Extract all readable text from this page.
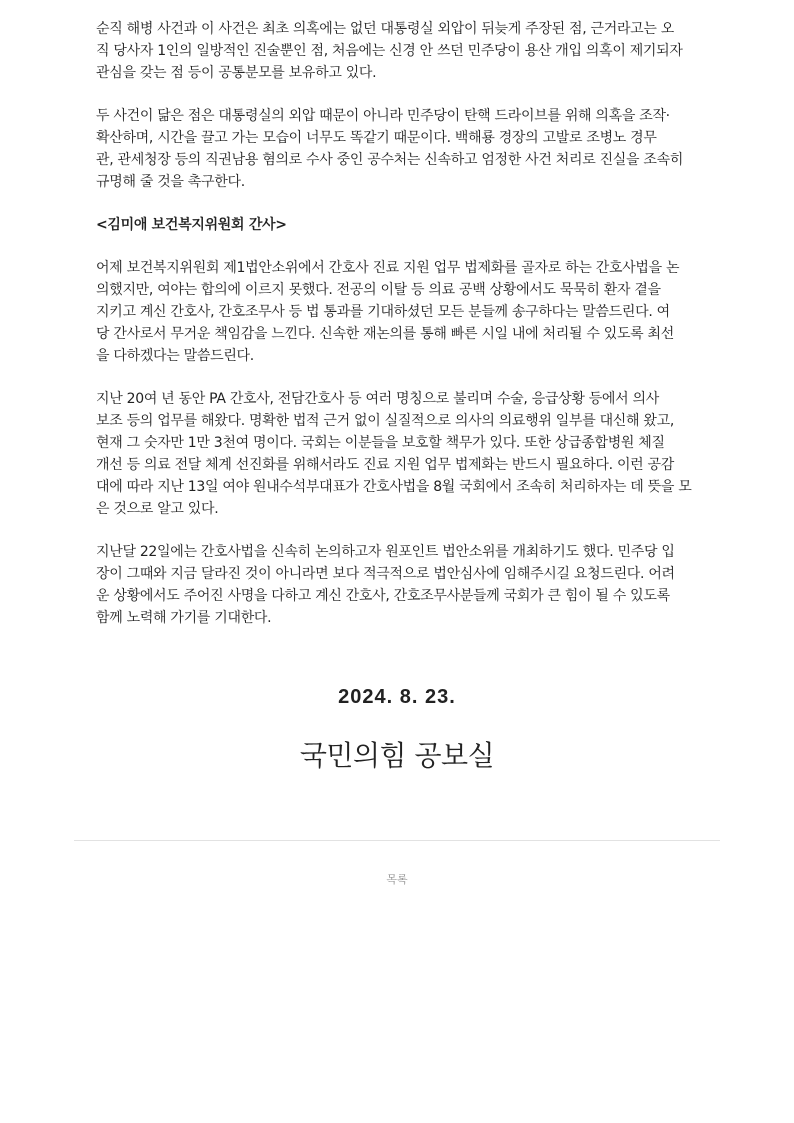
순직 해병 사건과 이 사건은 최초 의혹에는 없던 대통령실 외압이 뒤늦게 주장된 점, 근거라고는 오
직 당사자 1인의 일방적인 진술뿐인 점, 처음에는 신경 안 쓰던 민주당이 용산 개입 의혹이 제기되자
관심을 갖는 점 등이 공통분모를 보유하고 있다.

두 사건이 닮은 점은 대통령실의 외압 때문이 아니라 민주당이 탄핵 드라이브를 위해 의혹을 조작·
확산하며, 시간을 끌고 가는 모습이 너무도 똑같기 때문이다. 백해룡 경장의 고발로 조병노 경무
관, 관세청장 등의 직권남용 혐의로 수사 중인 공수처는 신속하고 엄정한 사건 처리로 진실을 조속히
규명해 줄 것을 촉구한다.

<김미애 보건복지위원회 간사>

어제 보건복지위원회 제1법안소위에서 간호사 진료 지원 업무 법제화를 골자로 하는 간호사법을 논
의했지만, 여야는 합의에 이르지 못했다. 전공의 이탈 등 의료 공백 상황에서도 묵묵히 환자 곁을
지키고 계신 간호사, 간호조무사 등 법 통과를 기대하셨던 모든 분들께 송구하다는 말씀드린다. 여
당 간사로서 무거운 책임감을 느낀다. 신속한 재논의를 통해 빠른 시일 내에 처리될 수 있도록 최선
을 다하겠다는 말씀드린다.

지난 20여 년 동안 PA 간호사, 전담간호사 등 여러 명칭으로 불리며 수술, 응급상황 등에서 의사
보조 등의 업무를 해왔다. 명확한 법적 근거 없이 실질적으로 의사의 의료행위 일부를 대신해 왔고,
현재 그 숫자만 1만 3천여 명이다. 국회는 이분들을 보호할 책무가 있다. 또한 상급종합병원 체질
개선 등 의료 전달 체계 선진화를 위해서라도 진료 지원 업무 법제화는 반드시 필요하다. 이런 공감
대에 따라 지난 13일 여야 원내수석부대표가 간호사법을 8월 국회에서 조속히 처리하자는 데 뜻을 모
은 것으로 알고 있다.

지난달 22일에는 간호사법을 신속히 논의하고자 원포인트 법안소위를 개최하기도 했다. 민주당 입
장이 그때와 지금 달라진 것이 아니라면 보다 적극적으로 법안심사에 임해주시길 요청드린다. 어려
운 상황에서도 주어진 사명을 다하고 계신 간호사, 간호조무사분들께 국회가 큰 힘이 될 수 있도록
함께 노력해 가기를 기대한다.

2024. 8. 23.
국민의힘 공보실
목록
